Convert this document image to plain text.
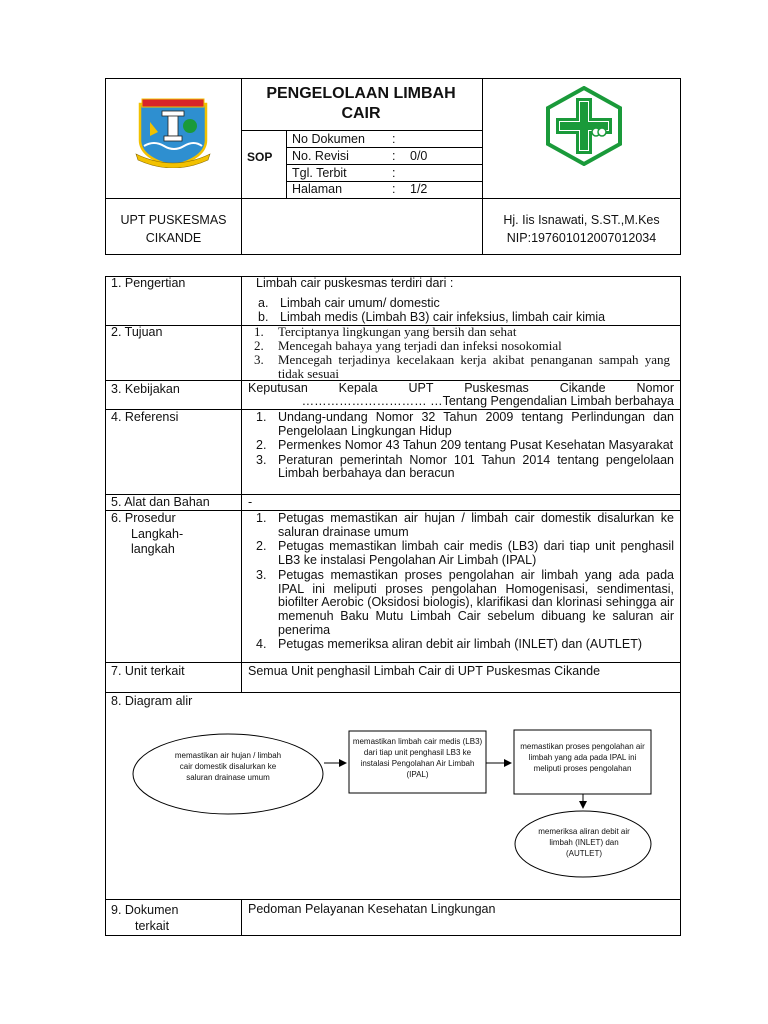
PENGELOLAAN LIMBAH CAIR
SOP
No Dokumen	:
No. Revisi	: 0/0
Tgl. Terbit	:
Halaman	: 1/2
UPT PUSKESMAS
CIKANDE
Hj. Iis Isnawati, S.ST.,M.Kes
NIP:197601012007012034
1. Pengertian	Limbah cair puskesmas terdiri dari :
a. Limbah cair umum/ domestic
b. Limbah medis (Limbah B3) cair infeksius, limbah cair kimia
2. Tujuan	1. Terciptanya lingkungan yang bersih dan sehat
2. Mencegah bahaya yang terjadi dan infeksi nosokomial
3. Mencegah terjadinya kecelakaan kerja akibat penanganan sampah yang tidak sesuai
3. Kebijakan	Keputusan Kepala UPT Puskesmas Cikande Nomor
………………………… …Tentang Pengendalian Limbah berbahaya
4. Referensi	1. Undang-undang Nomor 32 Tahun 2009 tentang Perlindungan dan Pengelolaan Lingkungan Hidup
2. Permenkes Nomor 43 Tahun 209 tentang Pusat Kesehatan Masyarakat
3. Peraturan pemerintah Nomor 101 Tahun 2014 tentang pengelolaan Limbah berbahaya dan beracun
5. Alat dan Bahan	-
6. Prosedur
Langkah-
langkah
1. Petugas memastikan air hujan / limbah cair domestik disalurkan ke saluran drainase umum
2. Petugas memastikan limbah cair medis (LB3) dari tiap unit penghasil LB3 ke instalasi Pengolahan Air Limbah (IPAL)
3. Petugas memastikan proses pengolahan air limbah yang ada pada IPAL ini meliputi proses pengolahan Homogenisasi, sendimentasi, biofilter Aerobic (Oksidosi biologis), klarifikasi dan klorinasi sehingga air memenuh Baku Mutu Limbah Cair sebelum dibuang ke saluran air penerima
4. Petugas memeriksa aliran debit air limbah (INLET) dan (AUTLET)
7. Unit terkait	Semua Unit penghasil Limbah Cair di UPT Puskesmas Cikande
8. Diagram alir
memastikan air hujan / limbah cair domestik disalurkan ke saluran drainase umum
memastikan limbah cair medis (LB3) dari tiap unit penghasil LB3 ke instalasi Pengolahan Air Limbah (IPAL)
memastikan proses pengolahan air limbah yang ada pada IPAL ini meliputi proses pengolahan
memeriksa aliran debit air limbah (INLET) dan (AUTLET)
9. Dokumen
terkait
Pedoman Pelayanan Kesehatan Lingkungan
